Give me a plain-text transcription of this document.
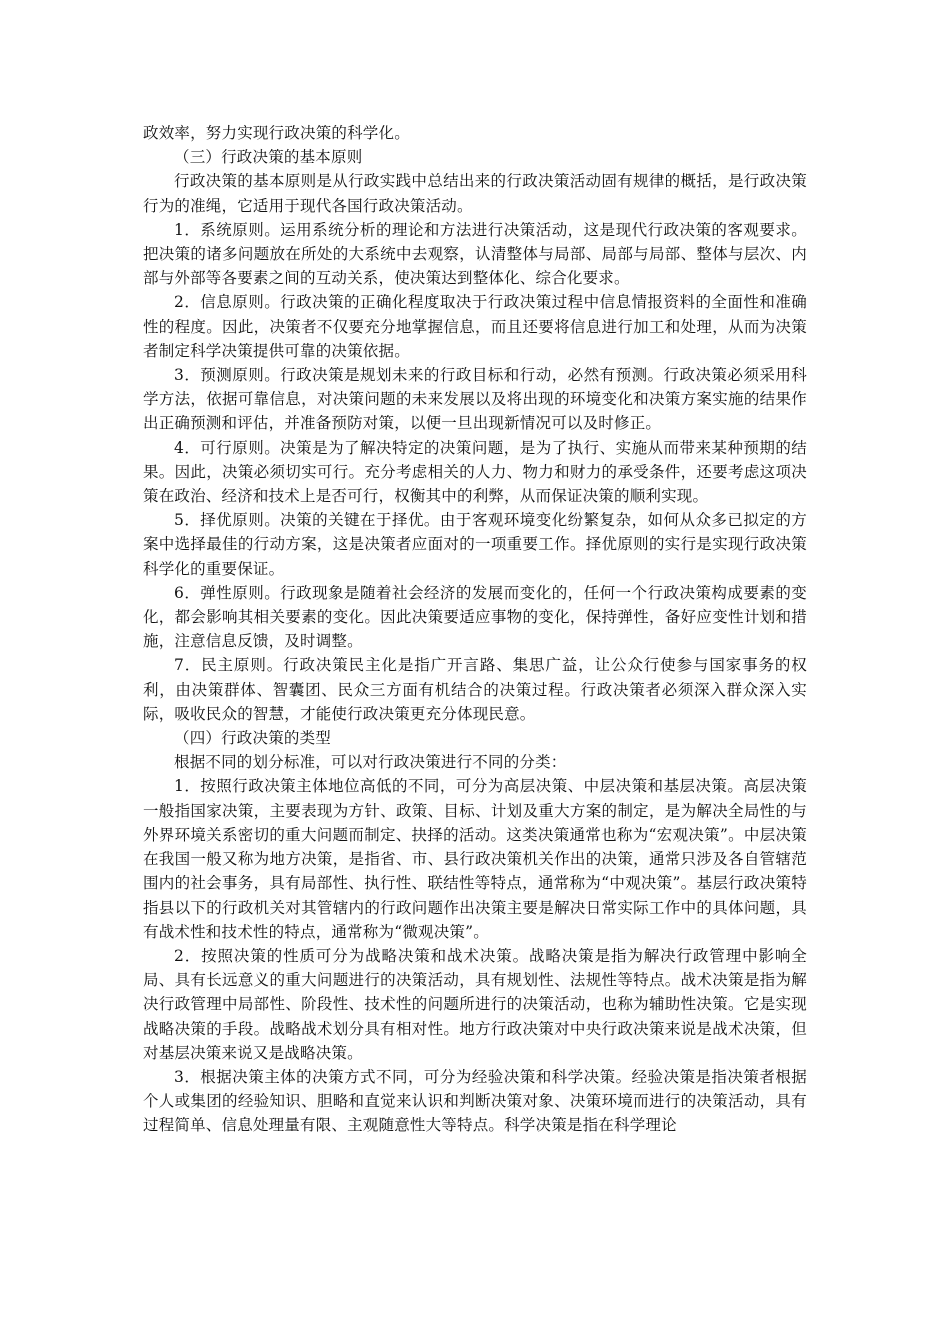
政效率，努力实现行政决策的科学化。

（三）行政决策的基本原则

行政决策的基本原则是从行政实践中总结出来的行政决策活动固有规律的概括，是行政决策行为的准绳，它适用于现代各国行政决策活动。

1．系统原则。运用系统分析的理论和方法进行决策活动，这是现代行政决策的客观要求。把决策的诸多问题放在所处的大系统中去观察，认清整体与局部、局部与局部、整体与层次、内部与外部等各要素之间的互动关系，使决策达到整体化、综合化要求。

2．信息原则。行政决策的正确化程度取决于行政决策过程中信息情报资料的全面性和准确性的程度。因此，决策者不仅要充分地掌握信息，而且还要将信息进行加工和处理，从而为决策者制定科学决策提供可靠的决策依据。

3．预测原则。行政决策是规划未来的行政目标和行动，必然有预测。行政决策必须采用科学方法，依据可靠信息，对决策问题的未来发展以及将出现的环境变化和决策方案实施的结果作出正确预测和评估，并准备预防对策，以便一旦出现新情况可以及时修正。

4．可行原则。决策是为了解决特定的决策问题，是为了执行、实施从而带来某种预期的结果。因此，决策必须切实可行。充分考虑相关的人力、物力和财力的承受条件，还要考虑这项决策在政治、经济和技术上是否可行，权衡其中的利弊，从而保证决策的顺利实现。

5．择优原则。决策的关键在于择优。由于客观环境变化纷繁复杂，如何从众多已拟定的方案中选择最佳的行动方案，这是决策者应面对的一项重要工作。择优原则的实行是实现行政决策科学化的重要保证。

6．弹性原则。行政现象是随着社会经济的发展而变化的，任何一个行政决策构成要素的变化，都会影响其相关要素的变化。因此决策要适应事物的变化，保持弹性，备好应变性计划和措施，注意信息反馈，及时调整。

7．民主原则。行政决策民主化是指广开言路、集思广益，让公众行使参与国家事务的权利，由决策群体、智囊团、民众三方面有机结合的决策过程。行政决策者必须深入群众深入实际，吸收民众的智慧，才能使行政决策更充分体现民意。

（四）行政决策的类型

根据不同的划分标准，可以对行政决策进行不同的分类：

1．按照行政决策主体地位高低的不同，可分为高层决策、中层决策和基层决策。高层决策一般指国家决策，主要表现为方针、政策、目标、计划及重大方案的制定，是为解决全局性的与外界环境关系密切的重大问题而制定、抉择的活动。这类决策通常也称为“宏观决策”。中层决策在我国一般又称为地方决策，是指省、市、县行政决策机关作出的决策，通常只涉及各自管辖范围内的社会事务，具有局部性、执行性、联结性等特点，通常称为“中观决策”。基层行政决策特指县以下的行政机关对其管辖内的行政问题作出决策主要是解决日常实际工作中的具体问题，具有战术性和技术性的特点，通常称为“微观决策”。

2．按照决策的性质可分为战略决策和战术决策。战略决策是指为解决行政管理中影响全局、具有长远意义的重大问题进行的决策活动，具有规划性、法规性等特点。战术决策是指为解决行政管理中局部性、阶段性、技术性的问题所进行的决策活动，也称为辅助性决策。它是实现战略决策的手段。战略战术划分具有相对性。地方行政决策对中央行政决策来说是战术决策，但对基层决策来说又是战略决策。

3．根据决策主体的决策方式不同，可分为经验决策和科学决策。经验决策是指决策者根据个人或集团的经验知识、胆略和直觉来认识和判断决策对象、决策环境而进行的决策活动，具有过程简单、信息处理量有限、主观随意性大等特点。科学决策是指在科学理论
